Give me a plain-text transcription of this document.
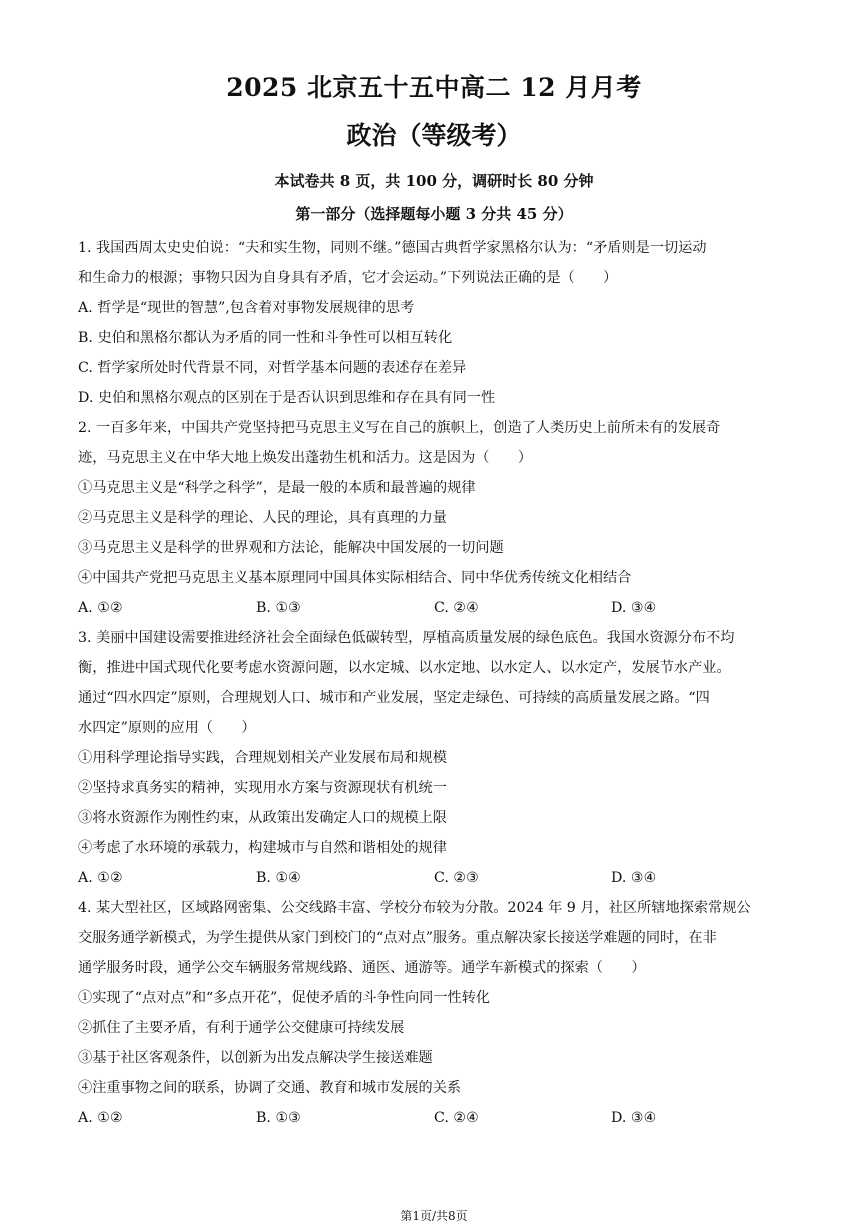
2025 北京五十五中高二 12 月月考
政治（等级考）
本试卷共 8 页，共 100 分，调研时长 80 分钟
第一部分（选择题每小题 3 分共 45 分）
1. 我国西周太史史伯说：“夫和实生物，同则不继。”德国古典哲学家黑格尔认为：“矛盾则是一切运动
和生命力的根源；事物只因为自身具有矛盾，它才会运动。”下列说法正确的是（　　）
A. 哲学是“现世的智慧”,包含着对事物发展规律的思考
B. 史伯和黑格尔都认为矛盾的同一性和斗争性可以相互转化
C. 哲学家所处时代背景不同，对哲学基本问题的表述存在差异
D. 史伯和黑格尔观点的区别在于是否认识到思维和存在具有同一性
2. 一百多年来，中国共产党坚持把马克思主义写在自己的旗帜上，创造了人类历史上前所未有的发展奇
迹，马克思主义在中华大地上焕发出蓬勃生机和活力。这是因为（　　）
①马克思主义是“科学之科学”，是最一般的本质和最普遍的规律
②马克思主义是科学的理论、人民的理论，具有真理的力量
③马克思主义是科学的世界观和方法论，能解决中国发展的一切问题
④中国共产党把马克思主义基本原理同中国具体实际相结合、同中华优秀传统文化相结合
A. ①②	B. ①③	C. ②④	D. ③④
3. 美丽中国建设需要推进经济社会全面绿色低碳转型，厚植高质量发展的绿色底色。我国水资源分布不均
衡，推进中国式现代化要考虑水资源问题，以水定城、以水定地、以水定人、以水定产，发展节水产业。
通过“四水四定”原则，合理规划人口、城市和产业发展，坚定走绿色、可持续的高质量发展之路。“四
水四定”原则的应用（　　）
①用科学理论指导实践，合理规划相关产业发展布局和规模
②坚持求真务实的精神，实现用水方案与资源现状有机统一
③将水资源作为刚性约束，从政策出发确定人口的规模上限
④考虑了水环境的承载力，构建城市与自然和谐相处的规律
A. ①②	B. ①④	C. ②③	D. ③④
4. 某大型社区，区域路网密集、公交线路丰富、学校分布较为分散。2024 年 9 月，社区所辖地探索常规公
交服务通学新模式，为学生提供从家门到校门的“点对点”服务。重点解决家长接送学难题的同时，在非
通学服务时段，通学公交车辆服务常规线路、通医、通游等。通学车新模式的探索（　　）
①实现了“点对点”和“多点开花”，促使矛盾的斗争性向同一性转化
②抓住了主要矛盾，有利于通学公交健康可持续发展
③基于社区客观条件，以创新为出发点解决学生接送难题
④注重事物之间的联系，协调了交通、教育和城市发展的关系
A. ①②	B. ①③	C. ②④	D. ③④
第1页/共8页
